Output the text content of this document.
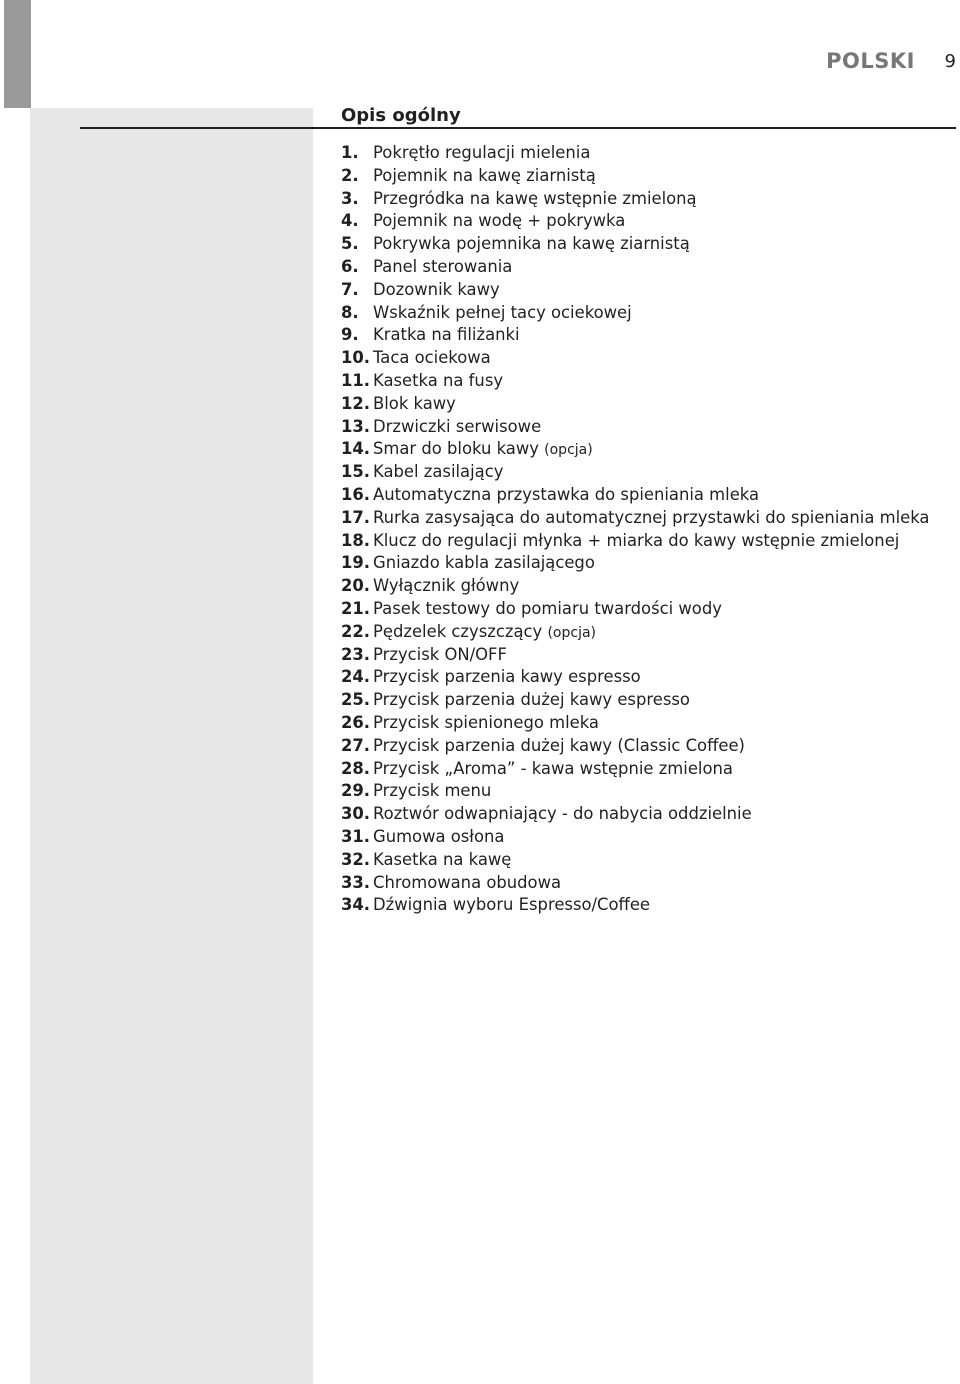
POLSKI 9
Opis ogólny
1. Pokrętło regulacji mielenia
2. Pojemnik na kawę ziarnistą
3. Przegródka na kawę wstępnie zmieloną
4. Pojemnik na wodę + pokrywka
5. Pokrywka pojemnika na kawę ziarnistą
6. Panel sterowania
7. Dozownik kawy
8. Wskaźnik pełnej tacy ociekowej
9. Kratka na filiżanki
10. Taca ociekowa
11. Kasetka na fusy
12. Blok kawy
13. Drzwiczki serwisowe
14. Smar do bloku kawy (opcja)
15. Kabel zasilający
16. Automatyczna przystawka do spieniania mleka
17. Rurka zasysająca do automatycznej przystawki do spieniania mleka
18. Klucz do regulacji młynka + miarka do kawy wstępnie zmielonej
19. Gniazdo kabla zasilającego
20. Wyłącznik główny
21. Pasek testowy do pomiaru twardości wody
22. Pędzelek czyszczący (opcja)
23. Przycisk ON/OFF
24. Przycisk parzenia kawy espresso
25. Przycisk parzenia dużej kawy espresso
26. Przycisk spienionego mleka
27. Przycisk parzenia dużej kawy (Classic Coffee)
28. Przycisk „Aroma” - kawa wstępnie zmielona
29. Przycisk menu
30. Roztwór odwapniający - do nabycia oddzielnie
31. Gumowa osłona
32. Kasetka na kawę
33. Chromowana obudowa
34. Dźwignia wyboru Espresso/Coffee
